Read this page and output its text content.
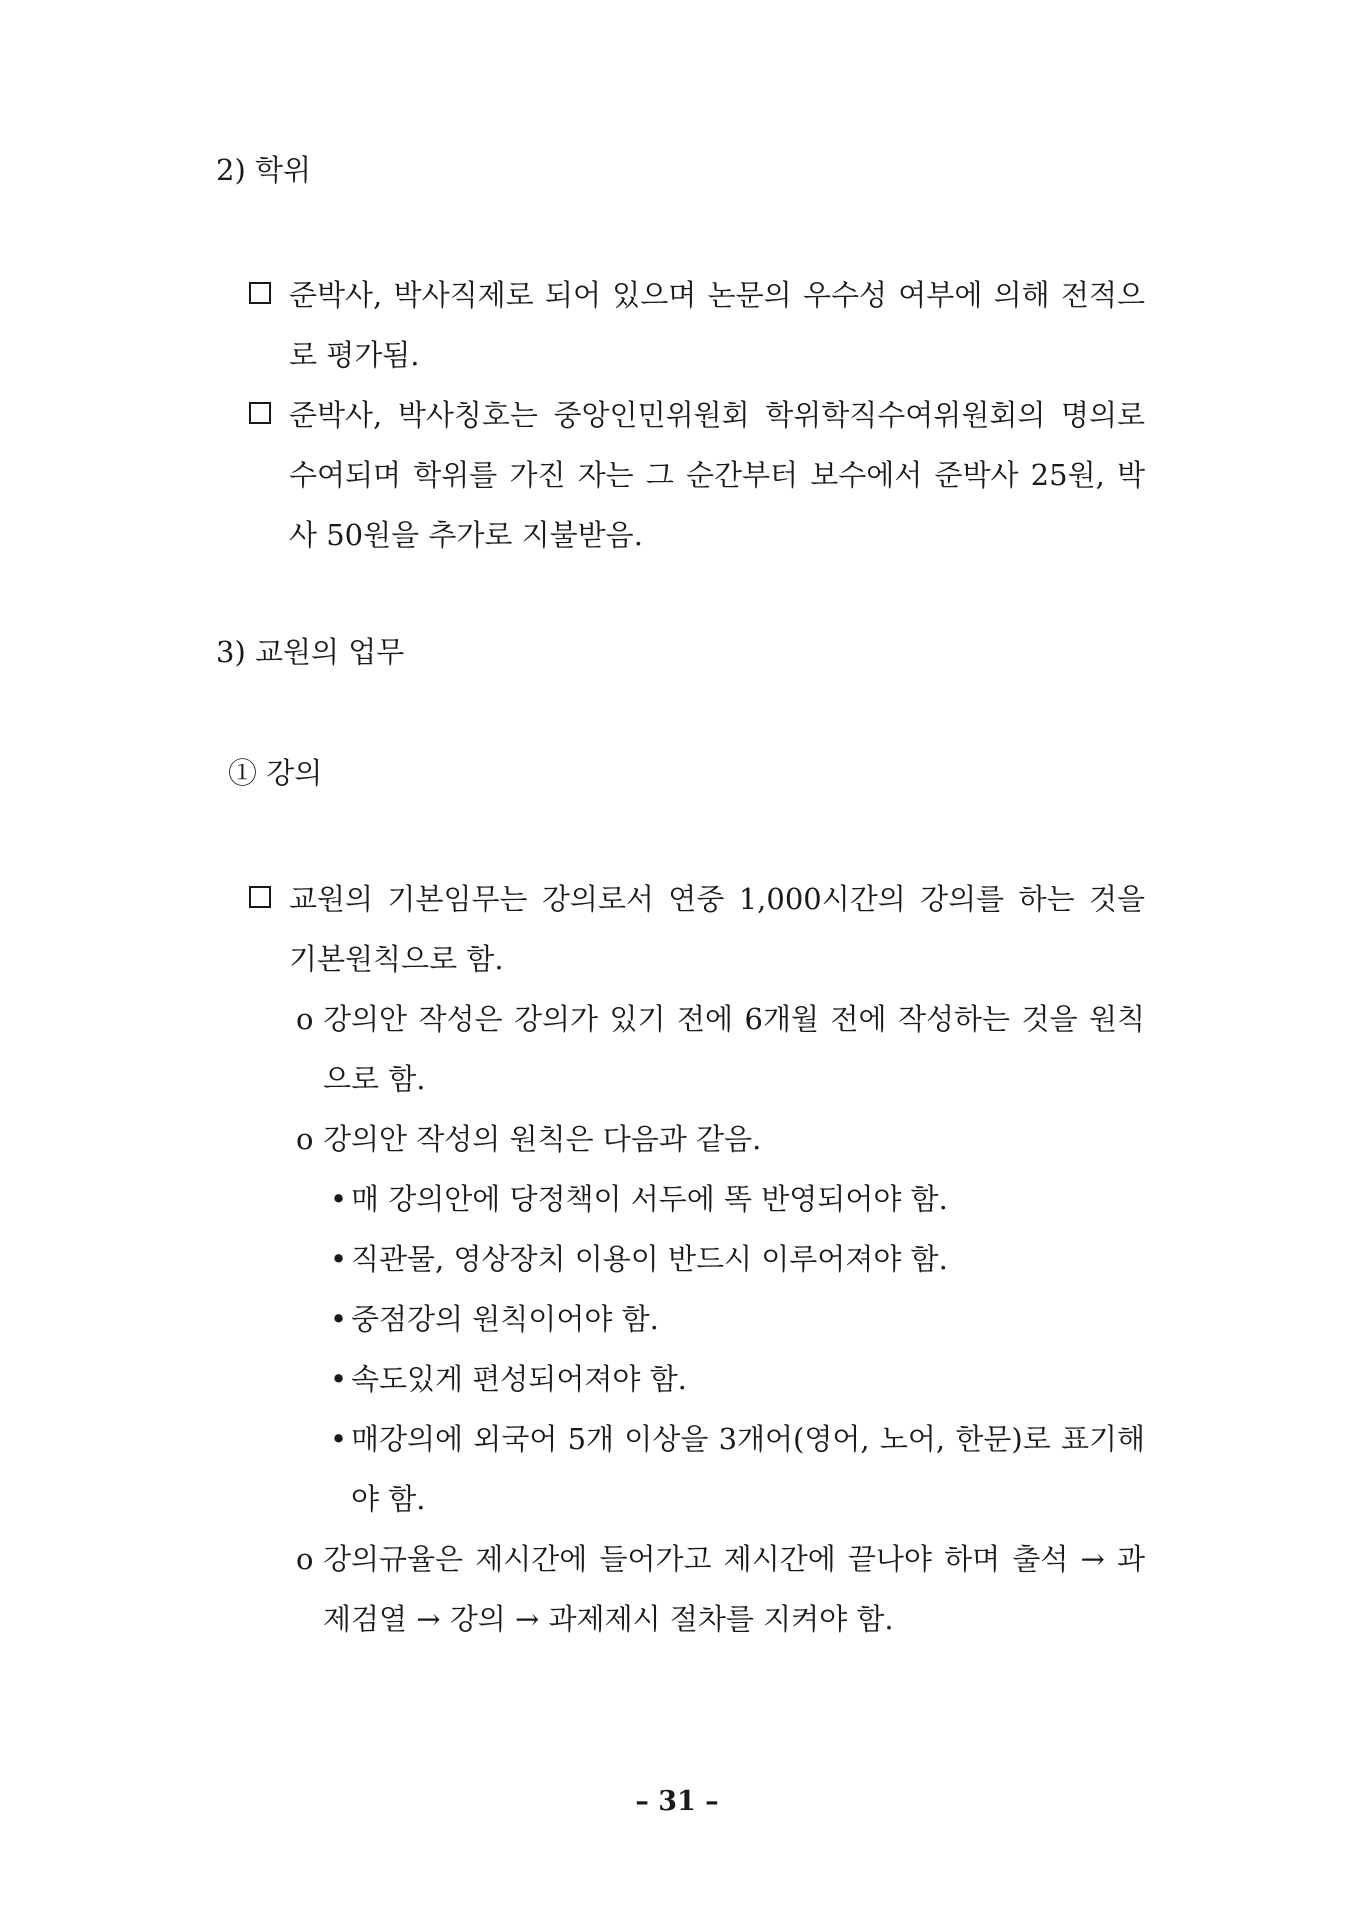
2) 학위
준박사, 박사직제로 되어 있으며 논문의 우수성 여부에 의해 전적으로 평가됨.
준박사, 박사칭호는 중앙인민위원회 학위학직수여위원회의 명의로 수여되며 학위를 가진 자는 그 순간부터 보수에서 준박사 25원, 박사 50원을 추가로 지불받음.
3) 교원의 업무
① 강의
교원의 기본임무는 강의로서 연중 1,000시간의 강의를 하는 것을 기본원칙으로 함.
o 강의안 작성은 강의가 있기 전에 6개월 전에 작성하는 것을 원칙으로 함.
o 강의안 작성의 원칙은 다음과 같음.
• 매 강의안에 당정책이 서두에 똑 반영되어야 함.
• 직관물, 영상장치 이용이 반드시 이루어져야 함.
• 중점강의 원칙이어야 함.
• 속도있게 편성되어져야 함.
• 매강의에 외국어 5개 이상을 3개어(영어, 노어, 한문)로 표기해야 함.
o 강의규율은 제시간에 들어가고 제시간에 끝나야 하며 출석 → 과제검열 → 강의 → 과제제시 절차를 지켜야 함.
– 31 –
